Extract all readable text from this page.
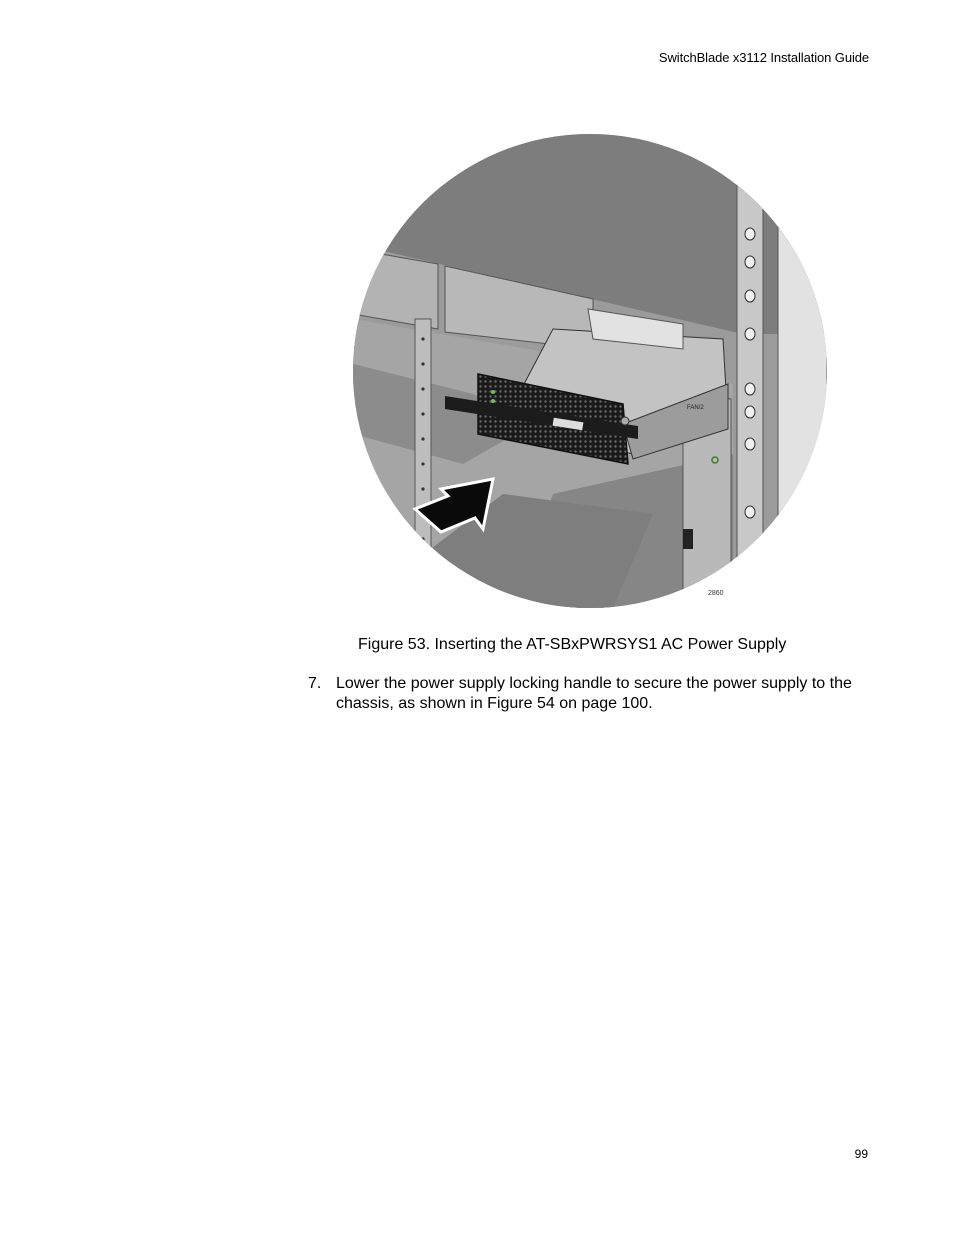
SwitchBlade x3112 Installation Guide
2860
FAN/2
Figure 53. Inserting the AT-SBxPWRSYS1 AC Power Supply
7. Lower the power supply locking handle to secure the power supply to the chassis, as shown in Figure 54 on page 100.
99
